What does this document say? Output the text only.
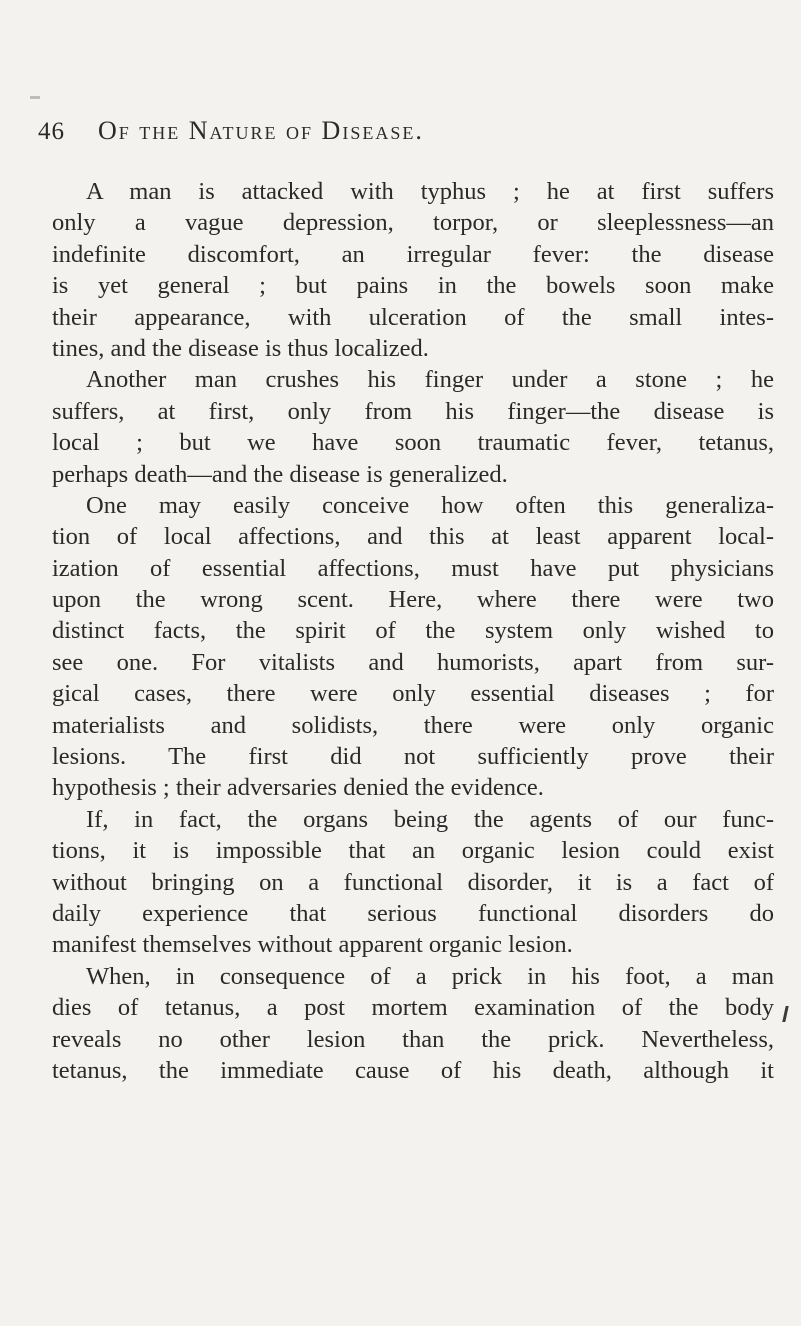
46	Of the Nature of Disease.
A man is attacked with typhus ; he at first suffers
only a vague depression, torpor, or sleeplessness—an
indefinite discomfort, an irregular fever: the disease
is yet general ; but pains in the bowels soon make
their appearance, with ulceration of the small intes-
tines, and the disease is thus localized.
Another man crushes his finger under a stone ; he
suffers, at first, only from his finger—the disease is
local ; but we have soon traumatic fever, tetanus,
perhaps death—and the disease is generalized.
One may easily conceive how often this generaliza-
tion of local affections, and this at least apparent local-
ization of essential affections, must have put physicians
upon the wrong scent. Here, where there were two
distinct facts, the spirit of the system only wished to
see one. For vitalists and humorists, apart from sur-
gical cases, there were only essential diseases ; for
materialists and solidists, there were only organic
lesions. The first did not sufficiently prove their
hypothesis ; their adversaries denied the evidence.
If, in fact, the organs being the agents of our func-
tions, it is impossible that an organic lesion could exist
without bringing on a functional disorder, it is a fact of
daily experience that serious functional disorders do
manifest themselves without apparent organic lesion.
When, in consequence of a prick in his foot, a man
dies of tetanus, a post mortem examination of the body
reveals no other lesion than the prick. Nevertheless,
tetanus, the immediate cause of his death, although it
